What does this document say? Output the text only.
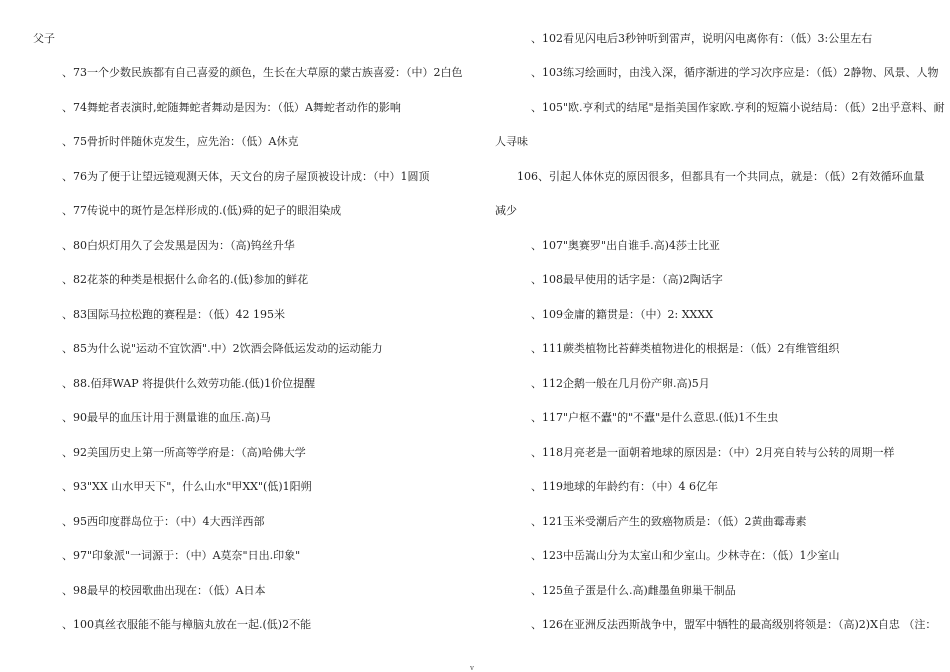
父子
、73一个少数民族都有自己喜爱的颜色，生长在大草原的蒙古族喜爱：（中）2白色
、74舞蛇者表演时,蛇随舞蛇者舞动是因为：（低）A舞蛇者动作的影响
、75骨折时伴随休克发生，应先治：（低）A休克
、76为了便于让望远镜观测天体，天文台的房子屋顶被设计成：（中）1圆顶
、77传说中的斑竹是怎样形成的.(低)舜的妃子的眼泪染成
、80白炽灯用久了会发黑是因为：（高)钨丝升华
、82花茶的种类是根据什么命名的.(低)参加的鲜花
、83国际马拉松跑的赛程是：（低）42 195米
、85为什么说"运动不宜饮酒".中）2饮酒会降低运发动的运动能力
、88.佰拜WAP 将提供什么效劳功能.(低)1价位提醒
、90最早的血压计用于测量谁的血压.高)马
、92美国历史上第一所高等学府是：（高)哈佛大学
、93"XX 山水甲天下"，什么山水"甲XX"(低)1阳朔
、95西印度群岛位于：（中）4大西洋西部
、97"印象派"一词源于：（中）A莫奈"日出.印象"
、98最早的校园歌曲出现在：（低）A日本
、100真丝衣服能不能与樟脑丸放在一起.(低)2不能
、102看见闪电后3秒钟听到雷声，说明闪电离你有：（低）3:公里左右
、103练习绘画时，由浅入深，循序渐进的学习次序应是：（低）2静物、风景、人物
、105"欧.亨利式的结尾"是指美国作家欧.亨利的短篇小说结局：（低）2出乎意料、耐
人寻味
106、引起人体休克的原因很多，但都具有一个共同点，就是：（低）2有效循环血量
减少
、107"奥赛罗"出自谁手.高)4莎士比亚
、108最早使用的话字是：（高)2陶话字
、109金庸的籍贯是：（中）2: XXXX
、111蕨类植物比苔藓类植物进化的根据是：（低）2有维管组织
、112企鹅一般在几月份产卵.高)5月
、117"户枢不蠹"的"不蠹"是什么意思.(低)1不生虫
、118月亮老是一面朝着地球的原因是：（中）2月亮自转与公转的周期一样
、119地球的年龄约有：（中）4 6亿年
、121玉米受潮后产生的致癌物质是：（低）2黄曲霉毒素
、123中岳嵩山分为太室山和少室山。少林寺在：（低）1少室山
、125鱼子蛋是什么.高)雌墨鱼卵巢干制品
、126在亚洲反法西斯战争中，盟军中牺牲的最高级别将领是：（高)2)X自忠 （注：
v
